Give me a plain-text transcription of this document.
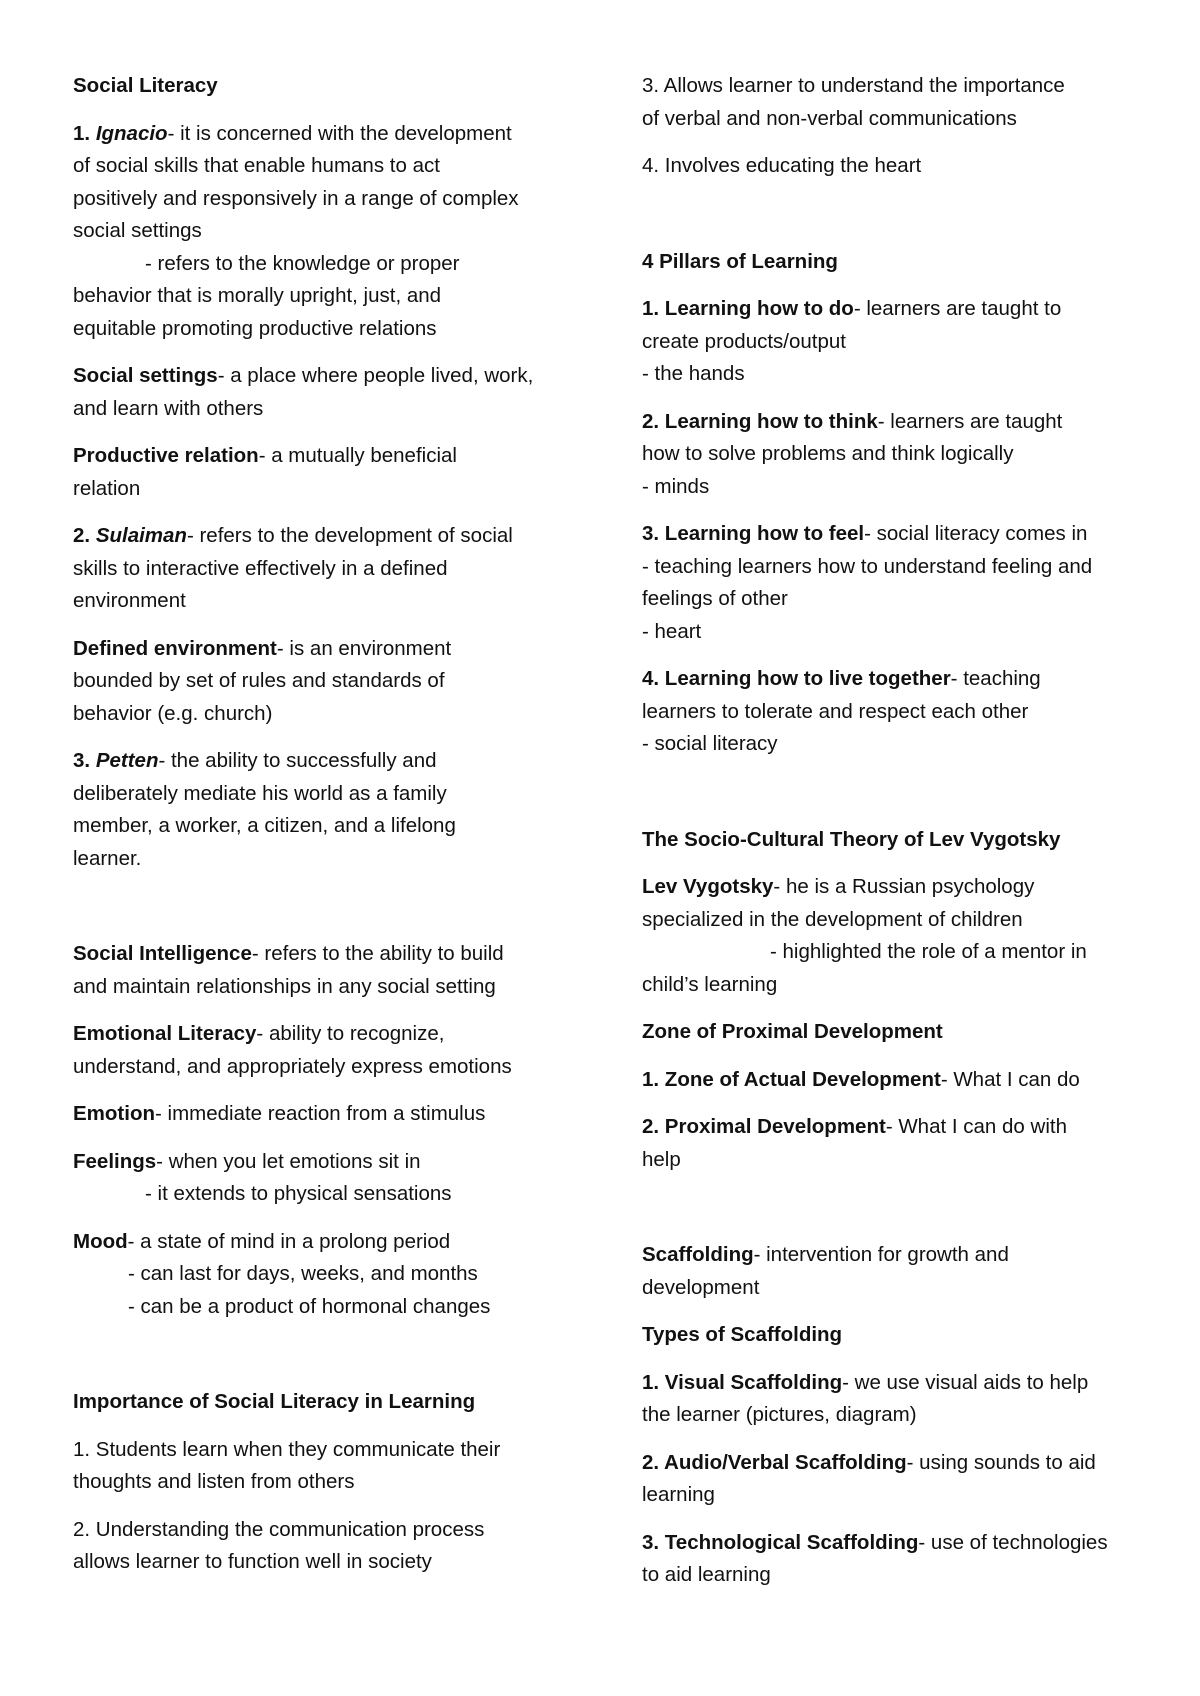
Social Literacy
1. Ignacio- it is concerned with the development
of social skills that enable humans to act
positively and responsively in a range of complex
social settings
- refers to the knowledge or proper
behavior that is morally upright, just, and
equitable promoting productive relations
Social settings- a place where people lived, work,
and learn with others
Productive relation- a mutually beneficial
relation
2. Sulaiman- refers to the development of social
skills to interactive effectively in a defined
environment
Defined environment- is an environment
bounded by set of rules and standards of
behavior (e.g. church)
3. Petten- the ability to successfully and
deliberately mediate his world as a family
member, a worker, a citizen, and a lifelong
learner.
Social Intelligence- refers to the ability to build
and maintain relationships in any social setting
Emotional Literacy- ability to recognize,
understand, and appropriately express emotions
Emotion- immediate reaction from a stimulus
Feelings- when you let emotions sit in
- it extends to physical sensations
Mood- a state of mind in a prolong period
- can last for days, weeks, and months
- can be a product of hormonal changes
Importance of Social Literacy in Learning
1. Students learn when they communicate their
thoughts and listen from others
2. Understanding the communication process
allows learner to function well in society
3. Allows learner to understand the importance
of verbal and non-verbal communications
4. Involves educating the heart
4 Pillars of Learning
1. Learning how to do- learners are taught to
create products/output
- the hands
2. Learning how to think- learners are taught
how to solve problems and think logically
- minds
3. Learning how to feel- social literacy comes in
- teaching learners how to understand feeling and
feelings of other
- heart
4. Learning how to live together- teaching
learners to tolerate and respect each other
- social literacy
The Socio-Cultural Theory of Lev Vygotsky
Lev Vygotsky- he is a Russian psychology
specialized in the development of children
- highlighted the role of a mentor in
child’s learning
Zone of Proximal Development
1. Zone of Actual Development- What I can do
2. Proximal Development- What I can do with
help
Scaffolding- intervention for growth and
development
Types of Scaffolding
1. Visual Scaffolding- we use visual aids to help
the learner (pictures, diagram)
2. Audio/Verbal Scaffolding- using sounds to aid
learning
3. Technological Scaffolding- use of technologies
to aid learning
